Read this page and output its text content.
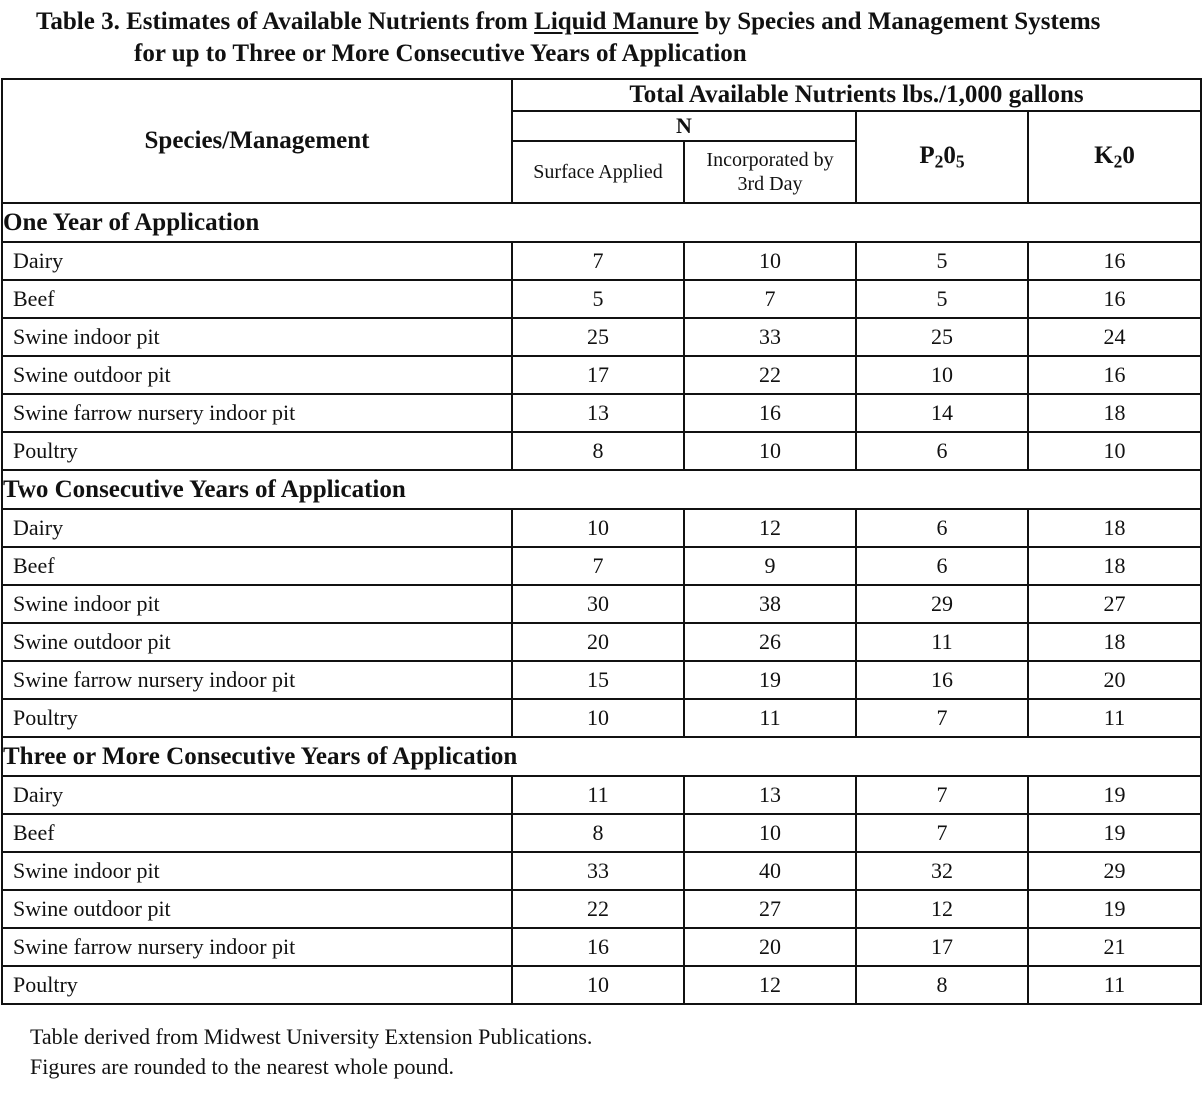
Table 3. Estimates of Available Nutrients from Liquid Manure by Species and Management Systems
for up to Three or More Consecutive Years of Application
Species/Management	Total Available Nutrients lbs./1,000 gallons			
	N		$P_20_5$	$K_20$
	Surface Applied	Incorporated by
3rd Day		
One Year of Application				
Dairy	7	10	5	16
Beef	5	7	5	16
Swine indoor pit	25	33	25	24
Swine outdoor pit	17	22	10	16
Swine farrow nursery indoor pit	13	16	14	18
Poultry	8	10	6	10
Two Consecutive Years of Application				
Dairy	10	12	6	18
Beef	7	9	6	18
Swine indoor pit	30	38	29	27
Swine outdoor pit	20	26	11	18
Swine farrow nursery indoor pit	15	19	16	20
Poultry	10	11	7	11
Three or More Consecutive Years of Application				
Dairy	11	13	7	19
Beef	8	10	7	19
Swine indoor pit	33	40	32	29
Swine outdoor pit	22	27	12	19
Swine farrow nursery indoor pit	16	20	17	21
Poultry	10	12	8	11
Table derived from Midwest University Extension Publications.
Figures are rounded to the nearest whole pound.
